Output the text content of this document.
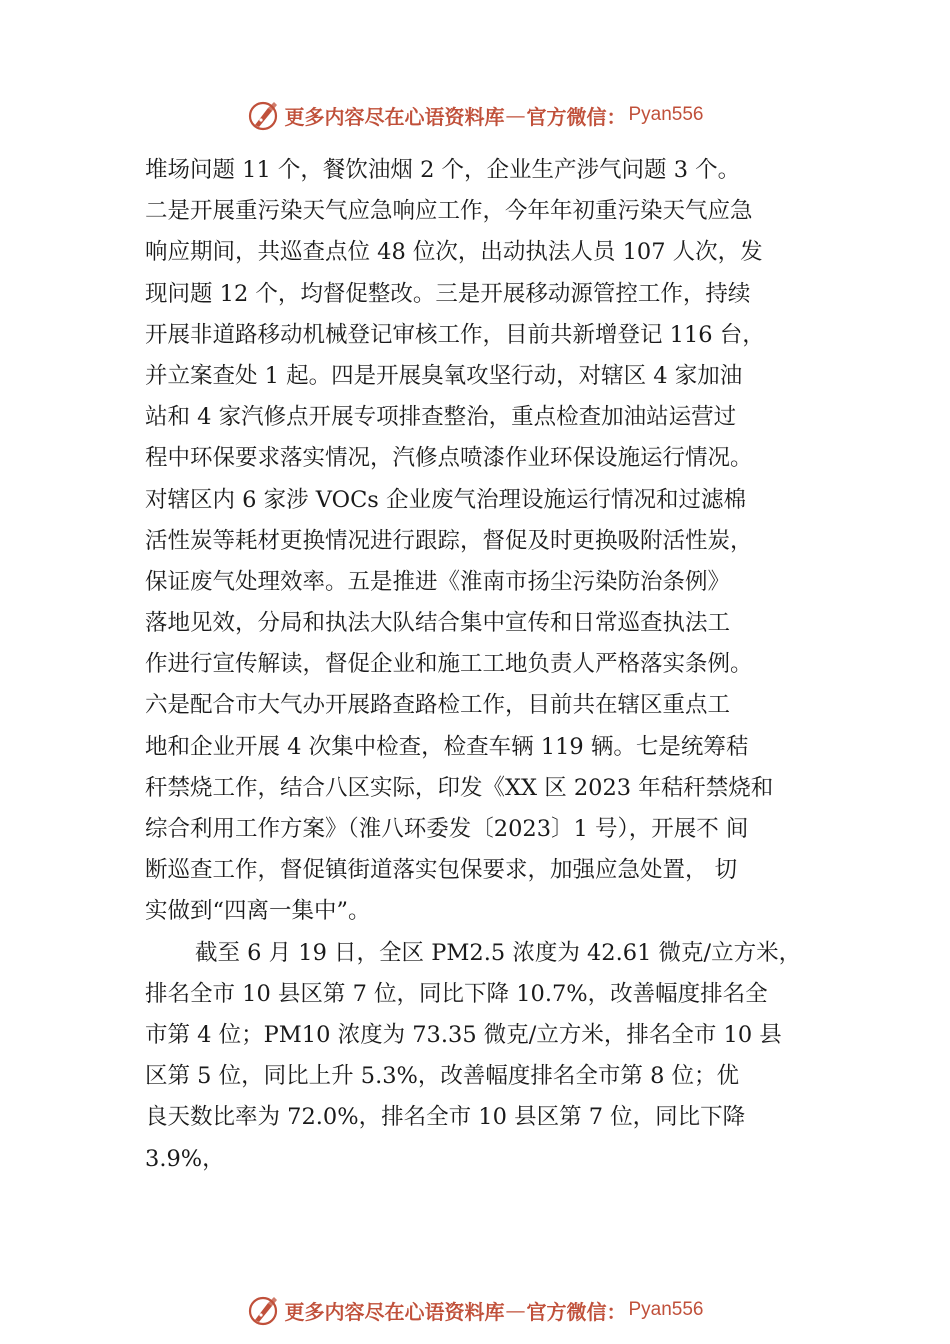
更多内容尽在心语资料库 — 官方微信： Pyan556
堆场问题 11 个，餐饮油烟 2 个，企业生产涉气问题 3 个。
二是开展重污染天气应急响应工作，今年年初重污染天气应急
响应期间，共巡查点位 48 位次，出动执法人员 107 人次，发
现问题 12 个，均督促整改。三是开展移动源管控工作，持续
开展非道路移动机械登记审核工作，目前共新增登记 116 台，
并立案查处 1 起。四是开展臭氧攻坚行动，对辖区 4 家加油
站和 4 家汽修点开展专项排查整治，重点检查加油站运营过
程中环保要求落实情况，汽修点喷漆作业环保设施运行情况。
对辖区内 6 家涉 VOCs 企业废气治理设施运行情况和过滤棉
活性炭等耗材更换情况进行跟踪，督促及时更换吸附活性炭，
保证废气处理效率。五是推进《淮南市扬尘污染防治条例》
落地见效，分局和执法大队结合集中宣传和日常巡查执法工
作进行宣传解读，督促企业和施工工地负责人严格落实条例。
六是配合市大气办开展路查路检工作，目前共在辖区重点工
地和企业开展 4 次集中检查，检查车辆 119 辆。七是统筹秸
秆禁烧工作，结合八区实际，印发《XX 区 2023 年秸秆禁烧和
综合利用工作方案》（淮八环委发〔2023〕1 号），开展不 间
断巡查工作，督促镇街道落实包保要求，加强应急处置， 切
实做到“四离一集中”。
截至 6 月 19 日，全区 PM2.5 浓度为 42.61 微克/立方米，
排名全市 10 县区第 7 位，同比下降 10.7%，改善幅度排名全
市第 4 位；PM10 浓度为 73.35 微克/立方米，排名全市 10 县
区第 5 位，同比上升 5.3%，改善幅度排名全市第 8 位；优
良天数比率为 72.0%，排名全市 10 县区第 7 位，同比下降
3.9%，
更多内容尽在心语资料库 — 官方微信： Pyan556
